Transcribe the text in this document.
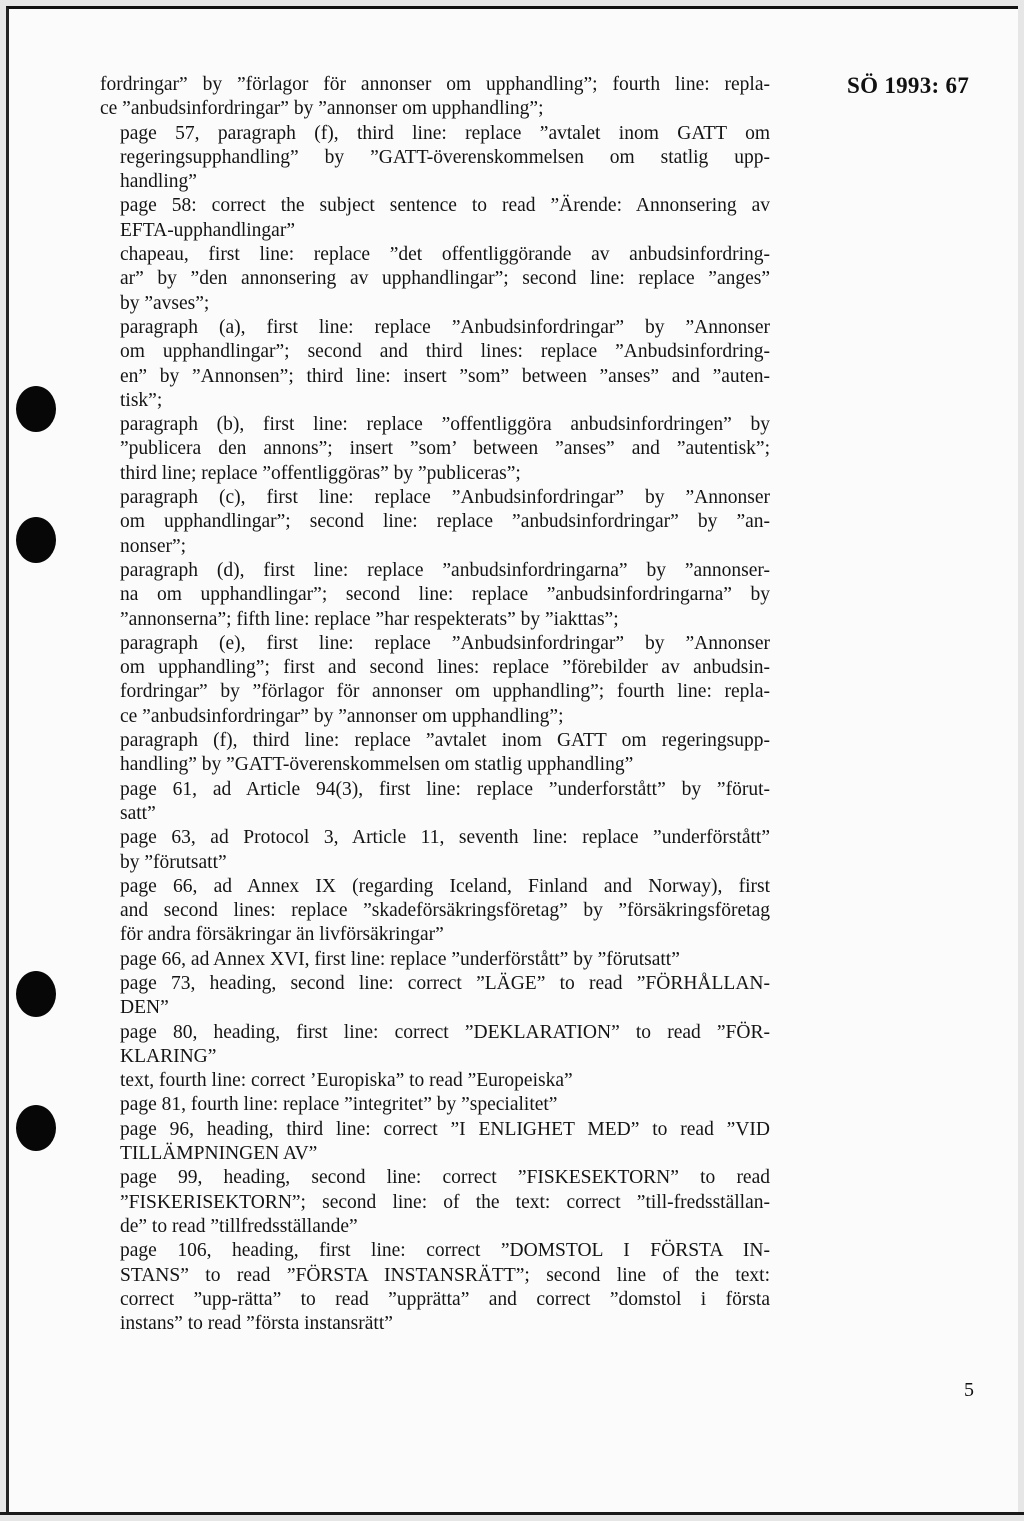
SÖ 1993: 67

fordringar” by ”förlagor för annonser om upphandling”; fourth line: repla-
ce ”anbudsinfordringar” by ”annonser om upphandling”;

page 57, paragraph (f), third line: replace ”avtalet inom GATT om
regeringsupphandling” by ”GATT-överenskommelsen om statlig upp-
handling”

page 58: correct the subject sentence to read ”Ärende: Annonsering av
EFTA-upphandlingar”

chapeau, first line: replace ”det offentliggörande av anbudsinfordring-
ar” by ”den annonsering av upphandlingar”; second line: replace ”anges”
by ”avses”;

paragraph (a), first line: replace ”Anbudsinfordringar” by ”Annonser
om upphandlingar”; second and third lines: replace ”Anbudsinfordring-
en” by ”Annonsen”; third line: insert ”som” between ”anses” and ”auten-
tisk”;

paragraph (b), first line: replace ”offentliggöra anbudsinfordringen” by
”publicera den annons”; insert ”som’ between ”anses” and ”autentisk”;
third line; replace ”offentliggöras” by ”publiceras”;

paragraph (c), first line: replace ”Anbudsinfordringar” by ”Annonser
om upphandlingar”; second line: replace ”anbudsinfordringar” by ”an-
nonser”;

paragraph (d), first line: replace ”anbudsinfordringarna” by ”annonser-
na om upphandlingar”; second line: replace ”anbudsinfordringarna” by
”annonserna”; fifth line: replace ”har respekterats” by ”iakttas”;

paragraph (e), first line: replace ”Anbudsinfordringar” by ”Annonser
om upphandling”; first and second lines: replace ”förebilder av anbudsin-
fordringar” by ”förlagor för annonser om upphandling”; fourth line: repla-
ce ”anbudsinfordringar” by ”annonser om upphandling”;

paragraph (f), third line: replace ”avtalet inom GATT om regeringsupp-
handling” by ”GATT-överenskommelsen om statlig upphandling”

page 61, ad Article 94(3), first line: replace ”underforstått” by ”förut-
satt”

page 63, ad Protocol 3, Article 11, seventh line: replace ”underförstått”
by ”förutsatt”

page 66, ad Annex IX (regarding Iceland, Finland and Norway), first
and second lines: replace ”skadeförsäkringsföretag” by ”försäkringsföretag
för andra försäkringar än livförsäkringar”

page 66, ad Annex XVI, first line: replace ”underförstått” by ”förutsatt”

page 73, heading, second line: correct ”LÄGE” to read ”FÖRHÅLLAN-
DEN”

page 80, heading, first line: correct ”DEKLARATION” to read ”FÖR-
KLARING”

text, fourth line: correct ’Europiska” to read ”Europeiska”

page 81, fourth line: replace ”integritet” by ”specialitet”

page 96, heading, third line: correct ”I ENLIGHET MED” to read ”VID
TILLÄMPNINGEN AV”

page 99, heading, second line: correct ”FISKESEKTORN” to read
”FISKERISEKTORN”; second line: of the text: correct ”till-fredsställan-
de” to read ”tillfredsställande”

page 106, heading, first line: correct ”DOMSTOL I FÖRSTA IN-
STANS” to read ”FÖRSTA INSTANSRÄTT”; second line of the text:
correct ”upp-rätta” to read ”upprätta” and correct ”domstol i första
instans” to read ”första instansrätt”

5
